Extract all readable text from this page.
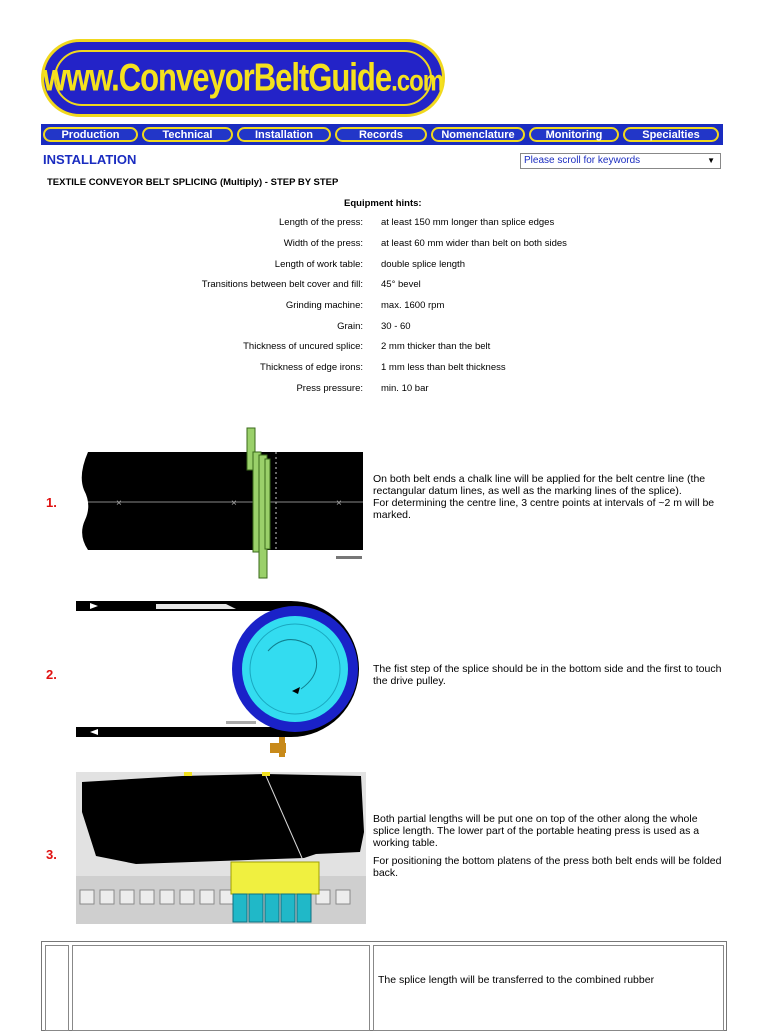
www.ConveyorBeltGuide.com
Production	Technical	Installation	Records	Nomenclature	Monitoring	Specialties
INSTALLATION	Please scroll for keywords	▼
TEXTILE CONVEYOR BELT SPLICING (Multiply) - STEP BY STEP
Equipment hints:
Length of the press: at least 150 mm longer than splice edges
Width of the press: at least 60 mm wider than belt on both sides
Length of work table: double splice length
Transitions between belt cover and fill: 45° bevel
Grinding machine: max. 1600 rpm
Grain: 30 - 60
Thickness of uncured splice: 2 mm thicker than the belt
Thickness of edge irons: 1 mm less than belt thickness
Press pressure: min. 10 bar
1.	×	×	×

On both belt ends a chalk line will be applied for the belt centre line (the rectangular datum lines, as well as the marking lines of the splice).
For determining the centre line, 3 centre points at intervals of ~2 m will be marked.

2.	The fist step of the splice should be in the bottom side and the first to touch the drive pulley.

3.

Both partial lengths will be put one on top of the other along the whole splice length. The lower part of the portable heating press is used as a working table.

For positioning the bottom platens of the press both belt ends will be folded back.

The splice length will be transferred to the combined rubber
